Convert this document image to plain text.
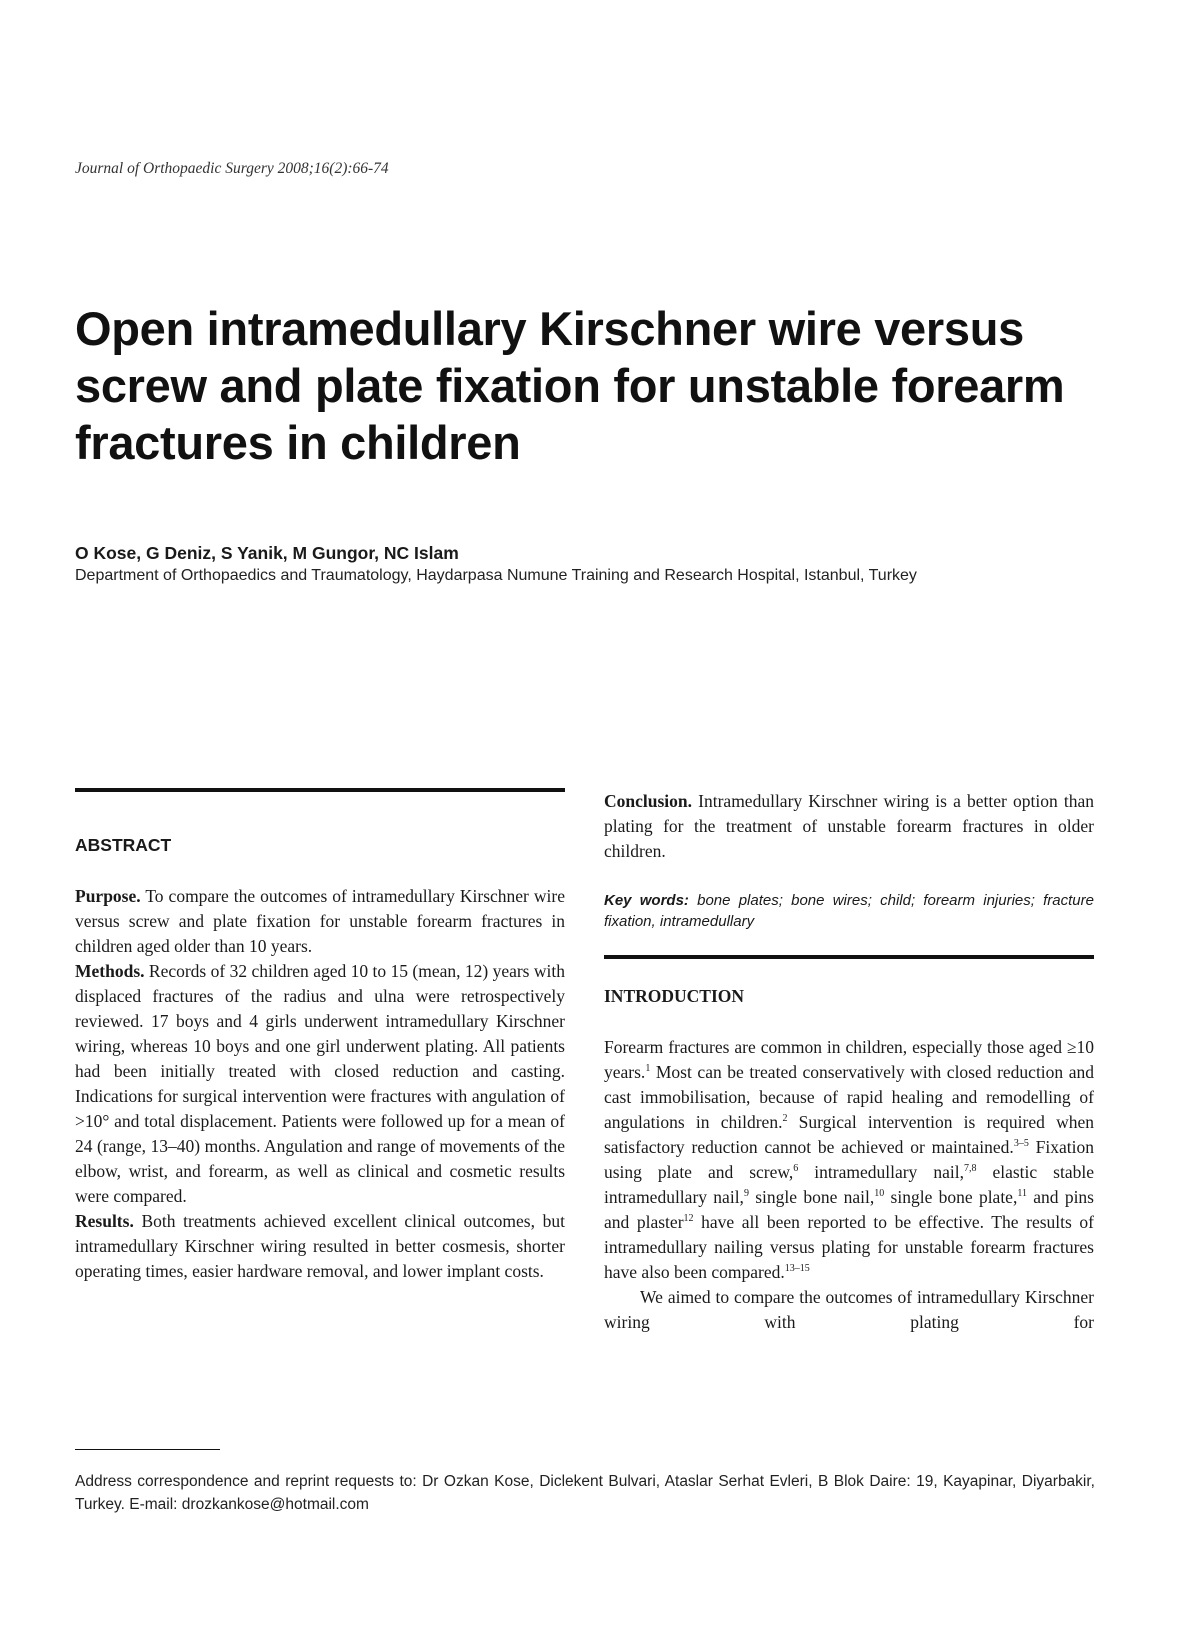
Journal of Orthopaedic Surgery 2008;16(2):66-74
Open intramedullary Kirschner wire versus screw and plate fixation for unstable forearm fractures in children
O Kose, G Deniz, S Yanik, M Gungor, NC Islam
Department of Orthopaedics and Traumatology, Haydarpasa Numune Training and Research Hospital, Istanbul, Turkey
ABSTRACT

Purpose. To compare the outcomes of intramedullary Kirschner wire versus screw and plate fixation for unstable forearm fractures in children aged older than 10 years.

Methods. Records of 32 children aged 10 to 15 (mean, 12) years with displaced fractures of the radius and ulna were retrospectively reviewed. 17 boys and 4 girls underwent intramedullary Kirschner wiring, whereas 10 boys and one girl underwent plating. All patients had been initially treated with closed reduction and casting. Indications for surgical intervention were fractures with angulation of >10° and total displacement. Patients were followed up for a mean of 24 (range, 13–40) months. Angulation and range of movements of the elbow, wrist, and forearm, as well as clinical and cosmetic results were compared.

Results. Both treatments achieved excellent clinical outcomes, but intramedullary Kirschner wiring resulted in better cosmesis, shorter operating times, easier hardware removal, and lower implant costs.

Conclusion. Intramedullary Kirschner wiring is a better option than plating for the treatment of unstable forearm fractures in older children.

Key words: bone plates; bone wires; child; forearm injuries; fracture fixation, intramedullary
INTRODUCTION

Forearm fractures are common in children, especially those aged ≥10 years.$^1$ Most can be treated conservatively with closed reduction and cast immobilisation, because of rapid healing and remodelling of angulations in children.$^2$ Surgical intervention is required when satisfactory reduction cannot be achieved or maintained.$^{3-5}$ Fixation using plate and screw,$^6$ intramedullary nail,$^{7,8}$ elastic stable intramedullary nail,$^9$ single bone nail,$^{10}$ single bone plate,$^{11}$ and pins and plaster$^{12}$ have all been reported to be effective. The results of intramedullary nailing versus plating for unstable forearm fractures have also been compared.$^{13-15}$

We aimed to compare the outcomes of intramedullary Kirschner wiring with plating for

Address correspondence and reprint requests to: Dr Ozkan Kose, Diclekent Bulvari, Ataslar Serhat Evleri, B Blok Daire: 19, Kayapinar, Diyarbakir, Turkey. E-mail: drozkankose@hotmail.com
